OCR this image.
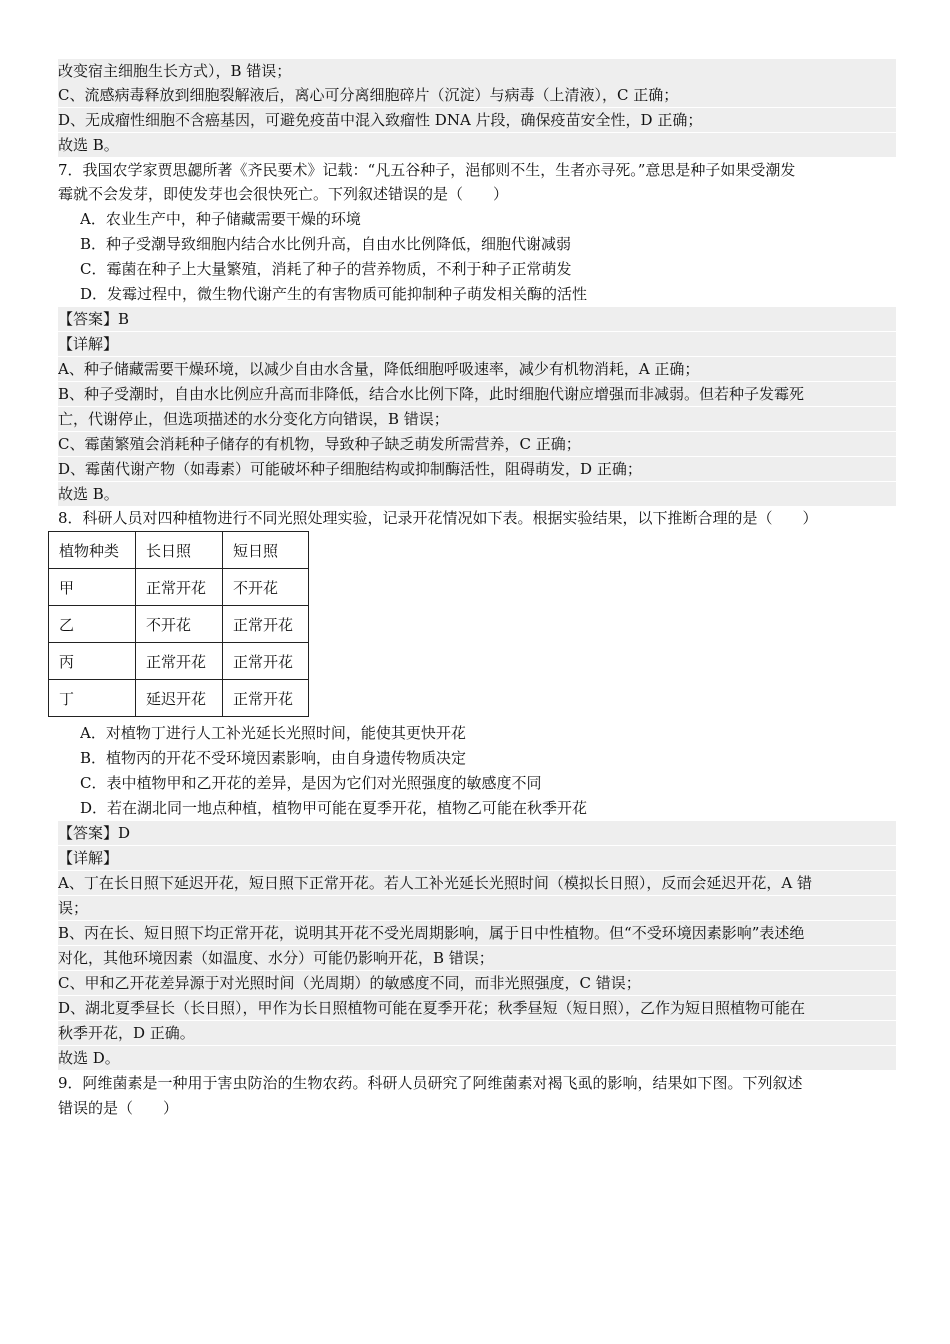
改变宿主细胞生长方式），B 错误；
C、流感病毒释放到细胞裂解液后，离心可分离细胞碎片（沉淀）与病毒（上清液），C 正确；
D、无成瘤性细胞不含癌基因，可避免疫苗中混入致瘤性 DNA 片段，确保疫苗安全性，D 正确；
故选 B。
7．我国农学家贾思勰所著《齐民要术》记载：“凡五谷种子，浥郁则不生，生者亦寻死。”意思是种子如果受潮发
霉就不会发芽，即使发芽也会很快死亡。下列叙述错误的是（　　）
A．农业生产中，种子储藏需要干燥的环境
B．种子受潮导致细胞内结合水比例升高，自由水比例降低，细胞代谢减弱
C．霉菌在种子上大量繁殖，消耗了种子的营养物质，不利于种子正常萌发
D．发霉过程中，微生物代谢产生的有害物质可能抑制种子萌发相关酶的活性
【答案】B
【详解】
A、种子储藏需要干燥环境，以减少自由水含量，降低细胞呼吸速率，减少有机物消耗，A 正确；
B、种子受潮时，自由水比例应升高而非降低，结合水比例下降，此时细胞代谢应增强而非减弱。但若种子发霉死
亡，代谢停止，但选项描述的水分变化方向错误，B 错误；
C、霉菌繁殖会消耗种子储存的有机物，导致种子缺乏萌发所需营养，C 正确；
D、霉菌代谢产物（如毒素）可能破坏种子细胞结构或抑制酶活性，阻碍萌发，D 正确；
故选 B。
8．科研人员对四种植物进行不同光照处理实验，记录开花情况如下表。根据实验结果，以下推断合理的是（　　）
植物种类	长日照	短日照
甲	正常开花	不开花
乙	不开花	正常开花
丙	正常开花	正常开花
丁	延迟开花	正常开花
A．对植物丁进行人工补光延长光照时间，能使其更快开花
B．植物丙的开花不受环境因素影响，由自身遗传物质决定
C．表中植物甲和乙开花的差异，是因为它们对光照强度的敏感度不同
D．若在湖北同一地点种植，植物甲可能在夏季开花，植物乙可能在秋季开花
【答案】D
【详解】
A、丁在长日照下延迟开花，短日照下正常开花。若人工补光延长光照时间（模拟长日照），反而会延迟开花，A 错
误；
B、丙在长、短日照下均正常开花，说明其开花不受光周期影响，属于日中性植物。但“不受环境因素影响”表述绝
对化，其他环境因素（如温度、水分）可能仍影响开花，B 错误；
C、甲和乙开花差异源于对光照时间（光周期）的敏感度不同，而非光照强度，C 错误；
D、湖北夏季昼长（长日照），甲作为长日照植物可能在夏季开花；秋季昼短（短日照），乙作为短日照植物可能在
秋季开花，D 正确。
故选 D。
9．阿维菌素是一种用于害虫防治的生物农药。科研人员研究了阿维菌素对褐飞虱的影响，结果如下图。下列叙述
错误的是（　　）
